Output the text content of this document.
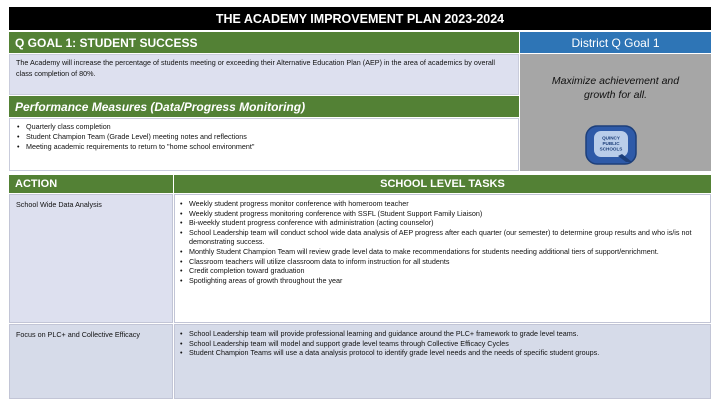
THE ACADEMY IMPROVEMENT PLAN 2023-2024
Q GOAL 1: STUDENT SUCCESS	District Q Goal 1
The Academy will increase the percentage of students meeting or exceeding their Alternative Education Plan (AEP) in the area of academics by overall class completion of 80%.
Performance Measures (Data/Progress Monitoring)
• Quarterly class completion
• Student Champion Team (Grade Level) meeting notes and reflections
• Meeting academic requirements to return to "home school environment"
Maximize achievement and
growth for all.
QUINCY
PUBLIC
SCHOOLS
ACTION	SCHOOL LEVEL TASKS
School Wide Data Analysis	• Weekly student progress monitor conference with homeroom teacher
• Weekly student progress monitoring conference with SSFL (Student Support Family Liaison)
• Bi-weekly student progress conference with administration (acting counselor)
• School Leadership team will conduct school wide data analysis of AEP progress after each quarter (our semester) to determine group results and who is/is not demonstrating success.
• Monthly Student Champion Team will review grade level data to make recommendations for students needing additional tiers of support/enrichment.
• Classroom teachers will utilize classroom data to inform instruction for all students
• Credit completion toward graduation
• Spotlighting areas of growth throughout the year
Focus on PLC+ and Collective Efficacy	• School Leadership team will provide professional learning and guidance around the PLC+ framework to grade level teams.
• School Leadership team will model and support grade level teams through Collective Efficacy Cycles
• Student Champion Teams will use a data analysis protocol to identify grade level needs and the needs of specific student groups.
